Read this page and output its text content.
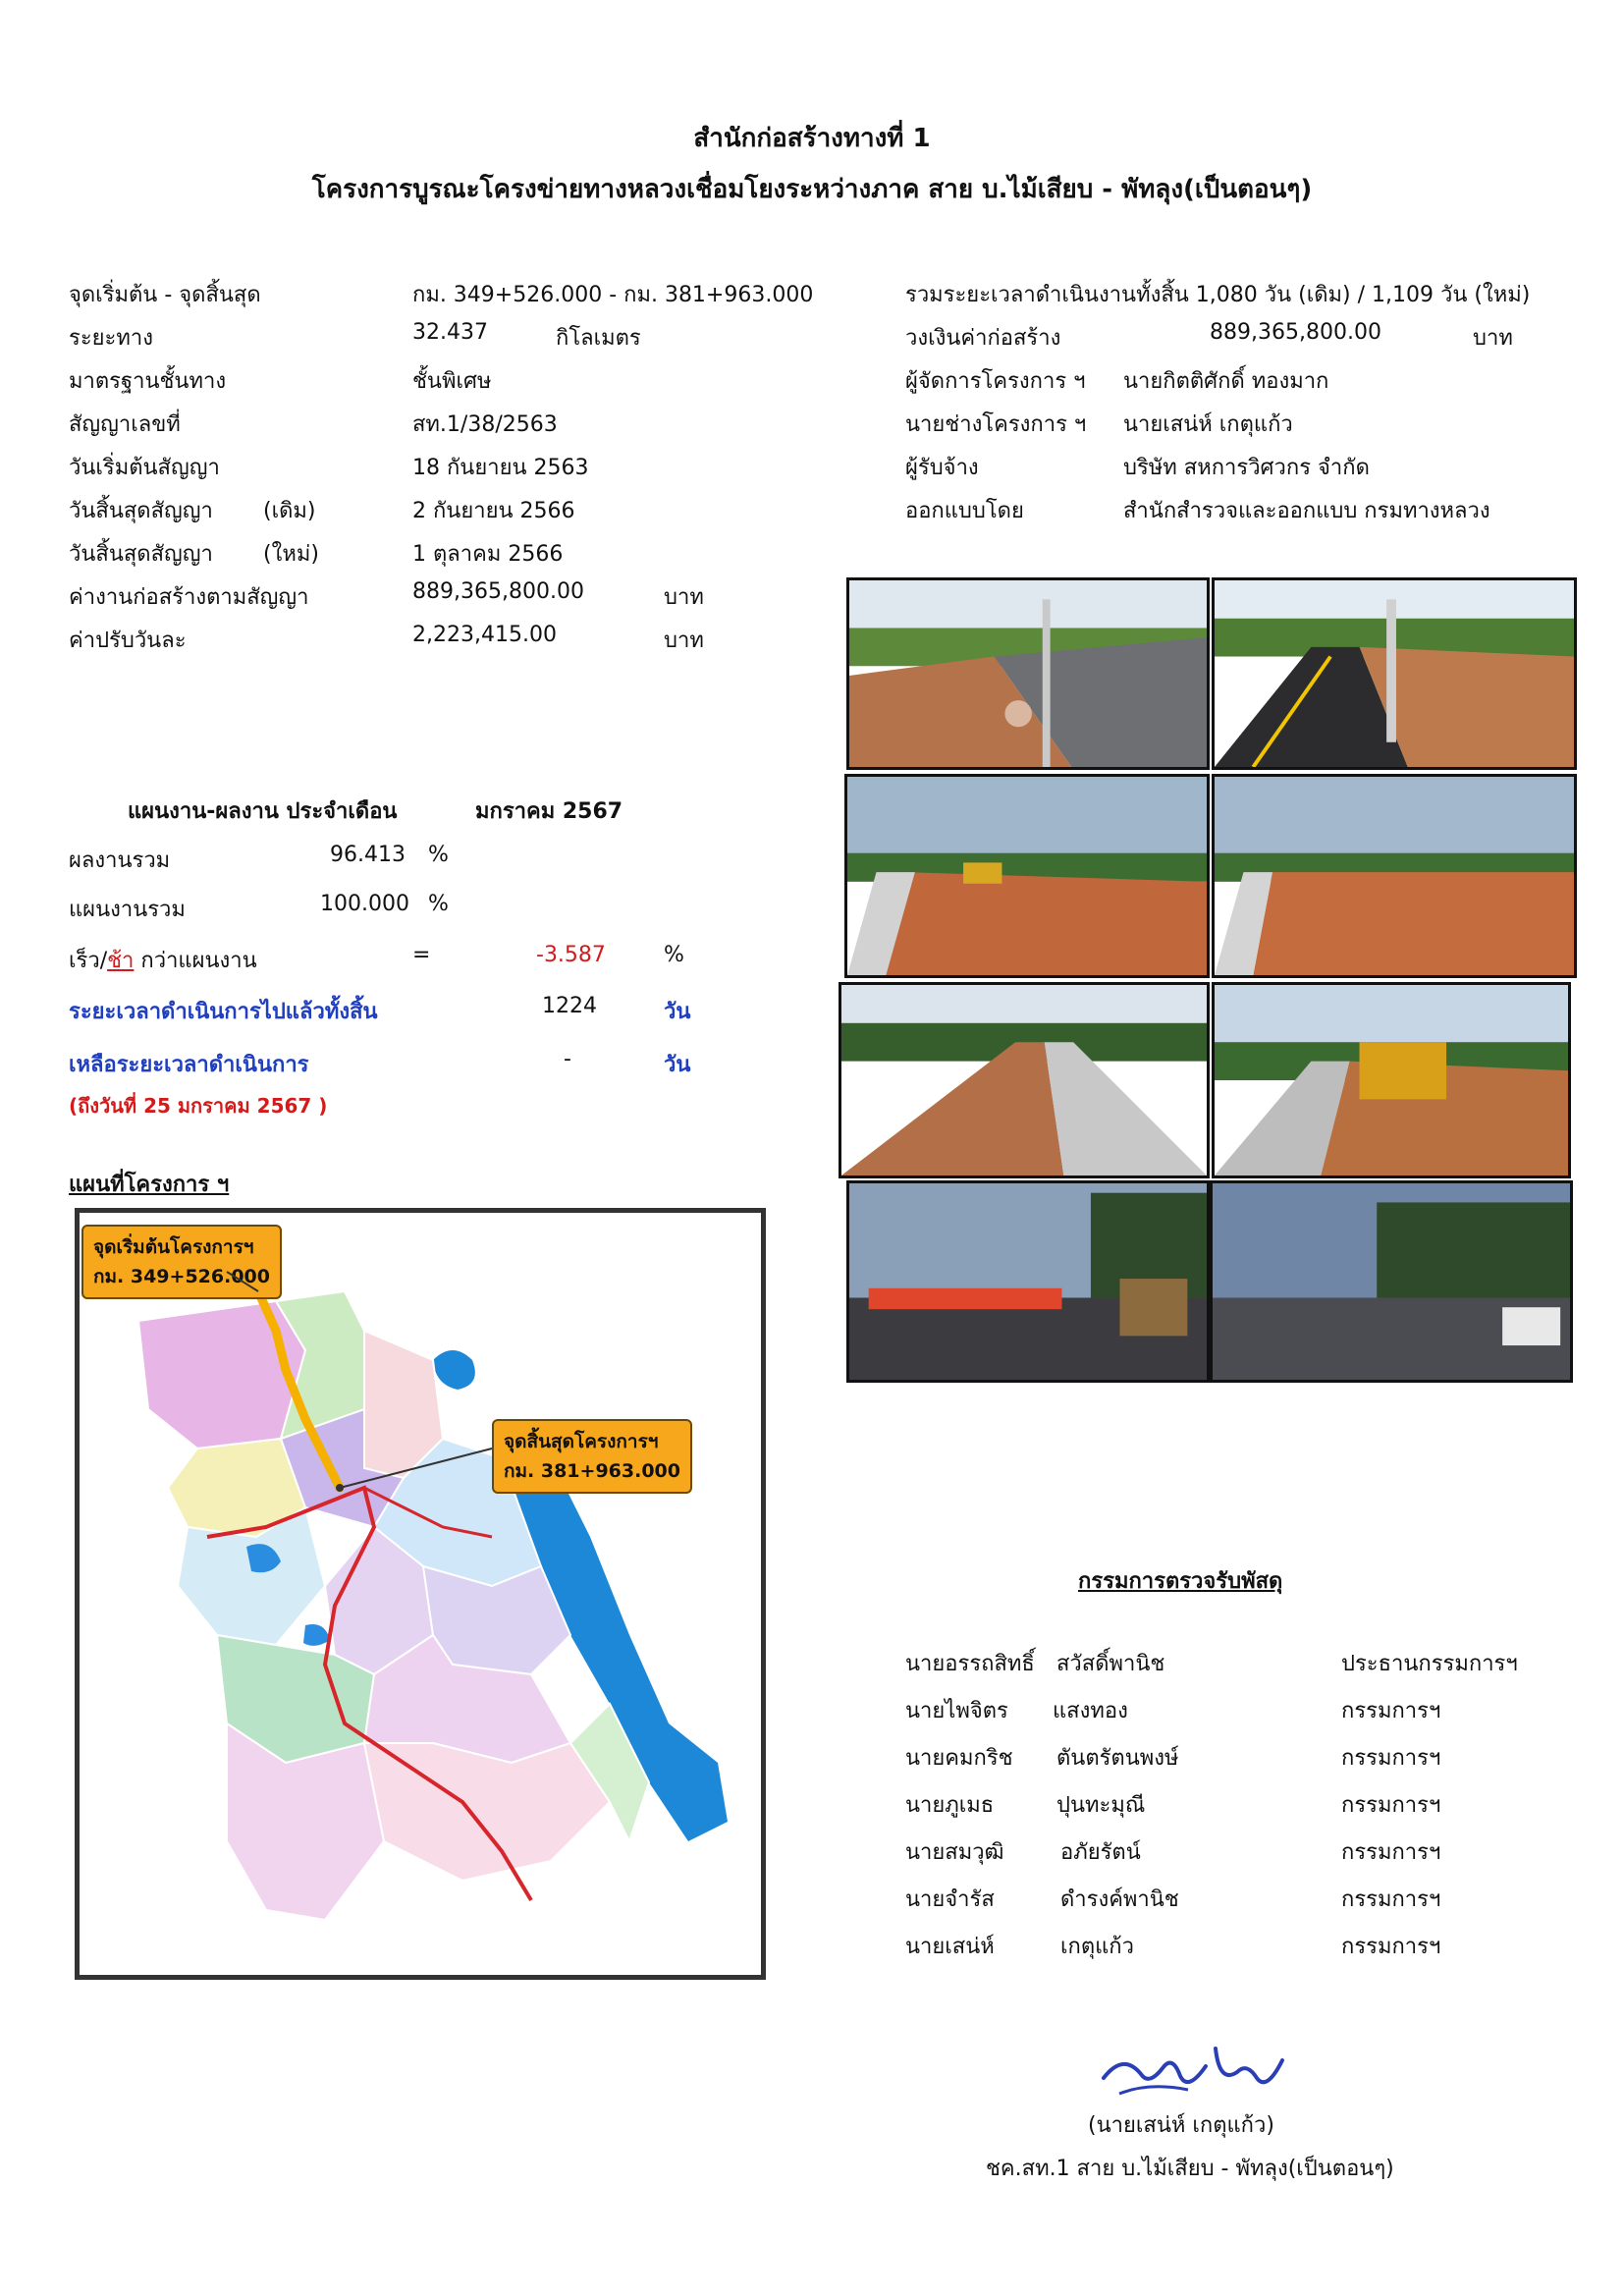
สำนักก่อสร้างทางที่ 1
โครงการบูรณะโครงข่ายทางหลวงเชื่อมโยงระหว่างภาค สาย บ.ไม้เสียบ - พัทลุง(เป็นตอนๆ)
จุดเริ่มต้น - จุดสิ้นสุด	กม. 349+526.000 - กม. 381+963.000
ระยะทาง	32.437	กิโลเมตร
มาตรฐานชั้นทาง	ชั้นพิเศษ
สัญญาเลขที่	สท.1/38/2563
วันเริ่มต้นสัญญา	18 กันยายน 2563
วันสิ้นสุดสัญญา (เดิม)	2 กันยายน 2566
วันสิ้นสุดสัญญา (ใหม่)	1 ตุลาคม 2566
ค่างานก่อสร้างตามสัญญา	889,365,800.00	บาท
ค่าปรับวันละ	2,223,415.00	บาท
รวมระยะเวลาดำเนินงานทั้งสิ้น 1,080 วัน (เดิม) / 1,109 วัน (ใหม่)
วงเงินค่าก่อสร้าง	889,365,800.00	บาท
ผู้จัดการโครงการ ฯ นายกิตติศักดิ์ ทองมาก
นายช่างโครงการ ฯ นายเสน่ห์ เกตุแก้ว
ผู้รับจ้าง	บริษัท สหการวิศวกร จำกัด
ออกแบบโดย	สำนักสำรวจและออกแบบ กรมทางหลวง
แผนงาน-ผลงาน ประจำเดือน	มกราคม 2567
ผลงานรวม	96.413 %
แผนงานรวม	100.000 %
เร็ว/ช้า กว่าแผนงาน	=	-3.587	%
ระยะเวลาดำเนินการไปแล้วทั้งสิ้น	1224	วัน
เหลือระยะเวลาดำเนินการ	-	วัน
(ถึงวันที่ 25 มกราคม 2567 )
แผนที่โครงการ ฯ
จุดเริ่มต้นโครงการฯ
กม. 349+526.000
จุดสิ้นสุดโครงการฯ
กม. 381+963.000
กรรมการตรวจรับพัสดุ
นายอรรถสิทธิ์ สวัสดิ์พานิช	ประธานกรรมการฯ
นายไพจิตร แสงทอง	กรรมการฯ
นายคมกริช ตันตรัตนพงษ์	กรรมการฯ
นายภูเมธ	ปุนทะมุณี	กรรมการฯ
นายสมวุฒิ	อภัยรัตน์	กรรมการฯ
นายจำรัส	ดำรงค์พานิช	กรรมการฯ
นายเสน่ห์	เกตุแก้ว	กรรมการฯ
(นายเสน่ห์ เกตุแก้ว)
ชค.สท.1 สาย บ.ไม้เสียบ - พัทลุง(เป็นตอนๆ)
